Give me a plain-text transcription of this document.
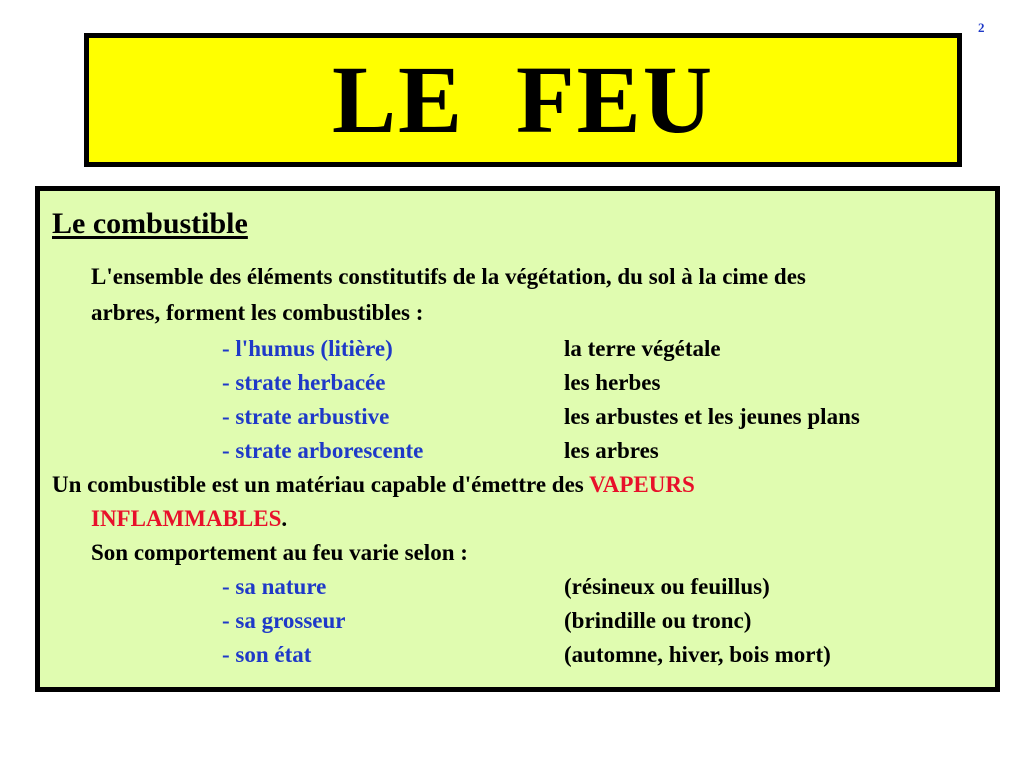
2
LE  FEU
Le combustible
L'ensemble des éléments constitutifs de la végétation, du sol à la cime des
arbres, forment les combustibles :
- l'humus (litière)	la terre végétale
- strate herbacée	les herbes
- strate arbustive	les arbustes et les jeunes plans
- strate arborescente	les arbres
Un combustible est un matériau capable d'émettre des VAPEURS
INFLAMMABLES.
Son comportement au feu varie selon :
- sa nature	(résineux ou feuillus)
- sa grosseur	(brindille ou tronc)
- son état	(automne, hiver, bois mort)
